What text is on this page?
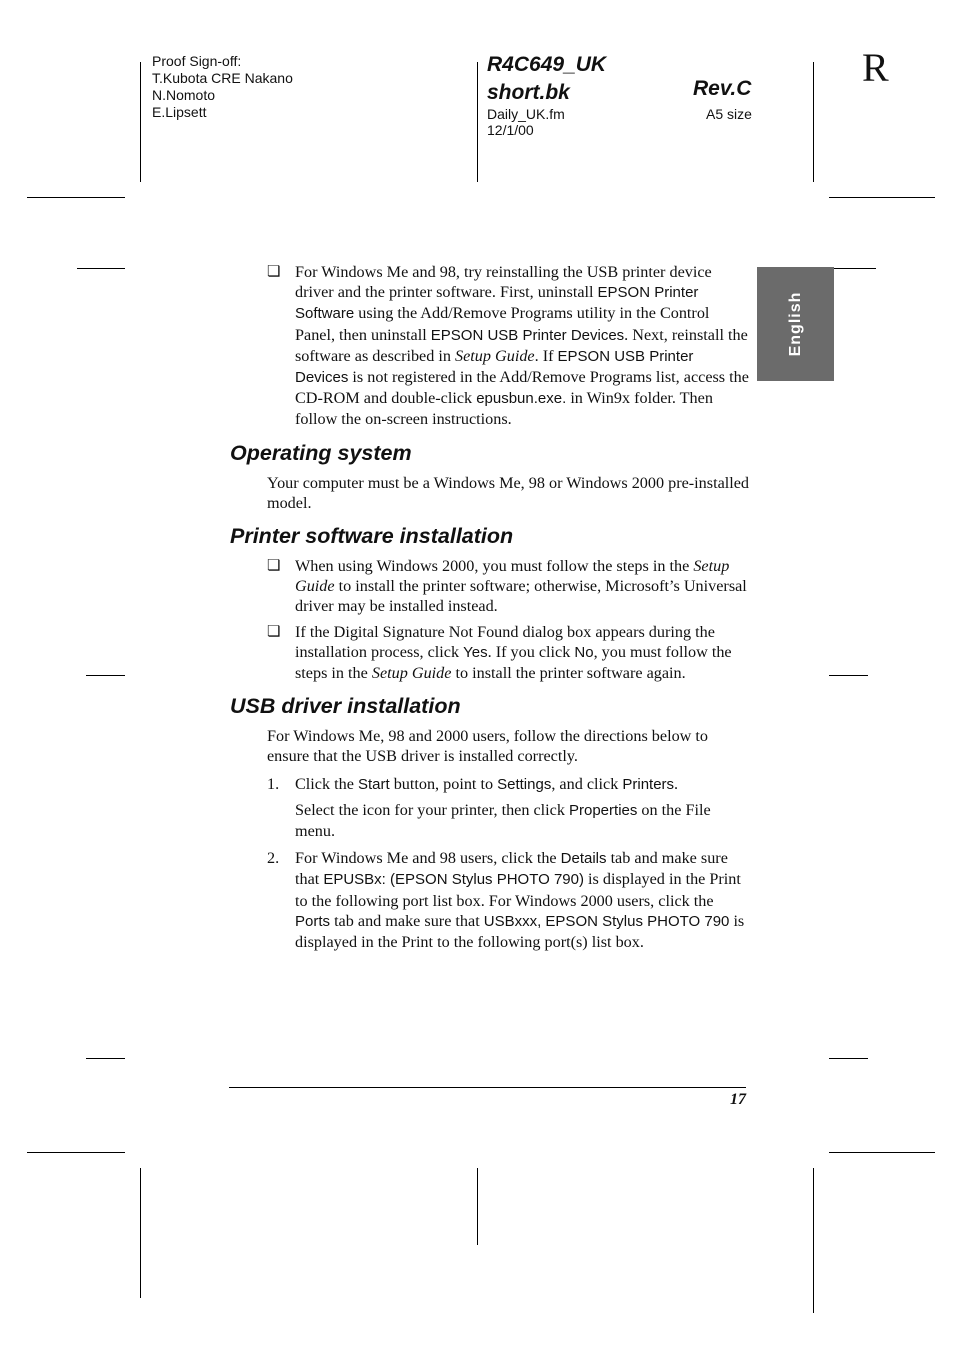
Proof Sign-off:
T.Kubota CRE Nakano
N.Nomoto
E.Lipsett
R4C649_UK
short.bk	Rev.C
Daily_UK.fm
12/1/00
A5 size
R
English
❏ For Windows Me and 98, try reinstalling the USB printer device driver and the printer software. First, uninstall EPSON Printer Software using the Add/Remove Programs utility in the Control Panel, then uninstall EPSON USB Printer Devices. Next, reinstall the software as described in Setup Guide. If EPSON USB Printer Devices is not registered in the Add/Remove Programs list, access the CD-ROM and double-click epusbun.exe. in Win9x folder. Then follow the on-screen instructions.
Operating system
Your computer must be a Windows Me, 98 or Windows 2000 pre-installed model.
Printer software installation
❏ When using Windows 2000, you must follow the steps in the Setup Guide to install the printer software; otherwise, Microsoft’s Universal driver may be installed instead.
❏ If the Digital Signature Not Found dialog box appears during the installation process, click Yes. If you click No, you must follow the steps in the Setup Guide to install the printer software again.
USB driver installation
For Windows Me, 98 and 2000 users, follow the directions below to ensure that the USB driver is installed correctly.
1. Click the Start button, point to Settings, and click Printers.
Select the icon for your printer, then click Properties on the File menu.
2. For Windows Me and 98 users, click the Details tab and make sure that EPUSBx: (EPSON Stylus PHOTO 790) is displayed in the Print to the following port list box. For Windows 2000 users, click the Ports tab and make sure that USBxxx, EPSON Stylus PHOTO 790 is displayed in the Print to the following port(s) list box.
17
